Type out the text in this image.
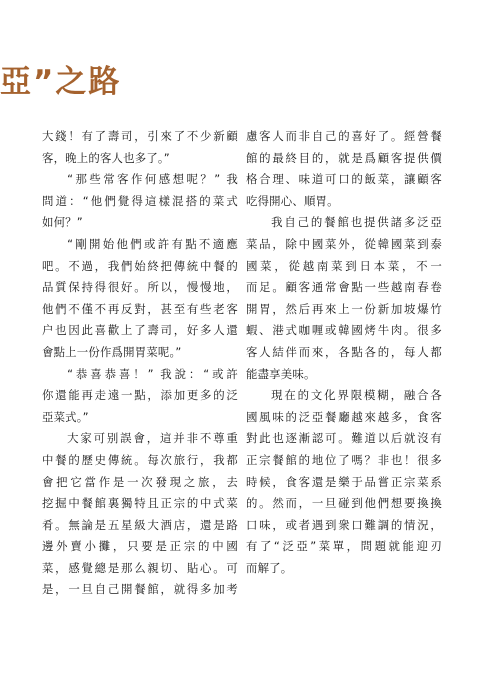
亞”之路
大錢！有了壽司，引來了不少新顧
客，晚上的客人也多了。”
“那些常客作何感想呢？” 我
問道：“他們覺得這樣混搭的菜式
如何？”
“剛開始他們或許有點不適應
吧。不過，我們始終把傳統中餐的
品質保持得很好。所以，慢慢地，
他們不僅不再反對，甚至有些老客
户也因此喜歡上了壽司，好多人還
會點上一份作爲開胃菜呢。”
“恭喜恭喜！” 我說：“或許
你還能再走遠一點，添加更多的泛
亞菜式。”
大家可别誤會，這并非不尊重
中餐的歷史傳統。每次旅行，我都
會把它當作是一次發現之旅，去
挖掘中餐館裏獨特且正宗的中式菜
肴。無論是五星級大酒店，還是路
邊外賣小攤，只要是正宗的中國
菜，感覺總是那么親切、貼心。可
是，一旦自己開餐館，就得多加考
慮客人而非自己的喜好了。經營餐
館的最終目的，就是爲顧客提供價
格合理、味道可口的飯菜，讓顧客
吃得開心、順胃。
我自己的餐館也提供諸多泛亞
菜品，除中國菜外，從韓國菜到泰
國菜，從越南菜到日本菜，不一
而足。顧客通常會點一些越南春卷
開胃，然后再來上一份新加坡爆竹
蝦、港式咖喱或韓國烤牛肉。很多
客人結伴而來，各點各的，每人都
能盡享美味。
現在的文化界限模糊，融合各
國風味的泛亞餐廳越來越多，食客
對此也逐漸認可。難道以后就沒有
正宗餐館的地位了嗎？非也！很多
時候，食客還是樂于品嘗正宗菜系
的。然而，一旦碰到他們想要換換
口味，或者遇到衆口難調的情況，
有了“泛亞”菜單，問題就能迎刃
而解了。
